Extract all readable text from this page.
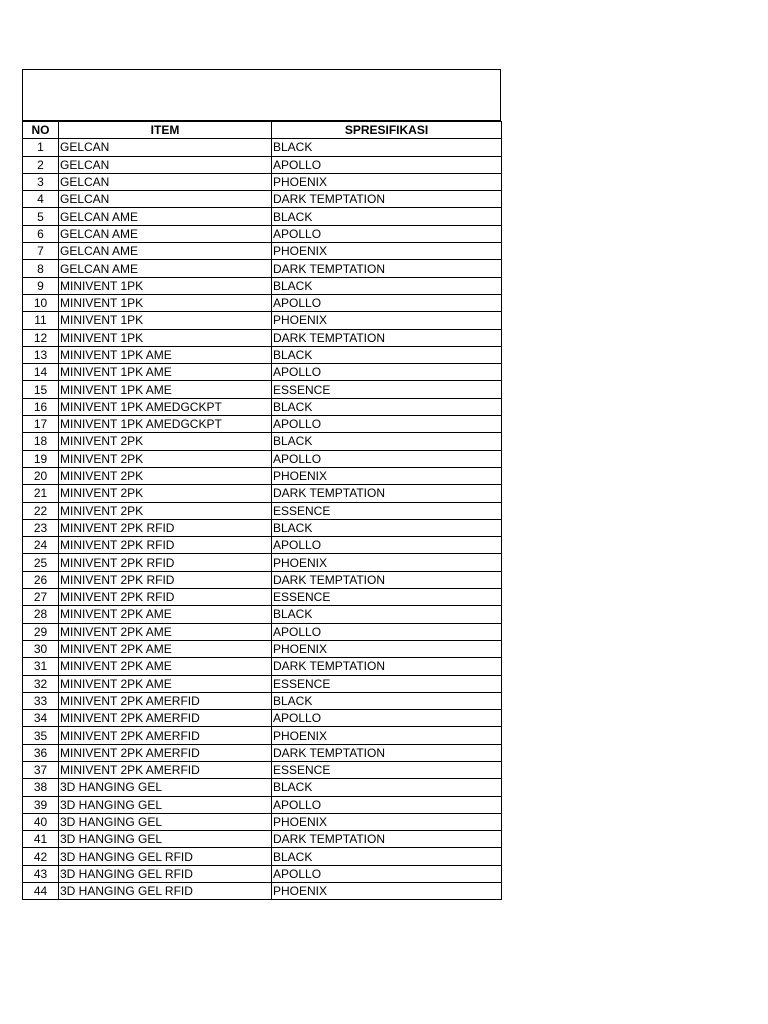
NO	ITEM	SPRESIFIKASI
1	GELCAN	BLACK
2	GELCAN	APOLLO
3	GELCAN	PHOENIX
4	GELCAN	DARK TEMPTATION
5	GELCAN AME	BLACK
6	GELCAN AME	APOLLO
7	GELCAN AME	PHOENIX
8	GELCAN AME	DARK TEMPTATION
9	MINIVENT 1PK	BLACK
10	MINIVENT 1PK	APOLLO
11	MINIVENT 1PK	PHOENIX
12	MINIVENT 1PK	DARK TEMPTATION
13	MINIVENT 1PK AME	BLACK
14	MINIVENT 1PK AME	APOLLO
15	MINIVENT 1PK AME	ESSENCE
16	MINIVENT 1PK AMEDGCKPT	BLACK
17	MINIVENT 1PK AMEDGCKPT	APOLLO
18	MINIVENT 2PK	BLACK
19	MINIVENT 2PK	APOLLO
20	MINIVENT 2PK	PHOENIX
21	MINIVENT 2PK	DARK TEMPTATION
22	MINIVENT 2PK	ESSENCE
23	MINIVENT 2PK RFID	BLACK
24	MINIVENT 2PK RFID	APOLLO
25	MINIVENT 2PK RFID	PHOENIX
26	MINIVENT 2PK RFID	DARK TEMPTATION
27	MINIVENT 2PK RFID	ESSENCE
28	MINIVENT 2PK AME	BLACK
29	MINIVENT 2PK AME	APOLLO
30	MINIVENT 2PK AME	PHOENIX
31	MINIVENT 2PK AME	DARK TEMPTATION
32	MINIVENT 2PK AME	ESSENCE
33	MINIVENT 2PK AMERFID	BLACK
34	MINIVENT 2PK AMERFID	APOLLO
35	MINIVENT 2PK AMERFID	PHOENIX
36	MINIVENT 2PK AMERFID	DARK TEMPTATION
37	MINIVENT 2PK AMERFID	ESSENCE
38	3D HANGING GEL	BLACK
39	3D HANGING GEL	APOLLO
40	3D HANGING GEL	PHOENIX
41	3D HANGING GEL	DARK TEMPTATION
42	3D HANGING GEL RFID	BLACK
43	3D HANGING GEL RFID	APOLLO
44	3D HANGING GEL RFID	PHOENIX
